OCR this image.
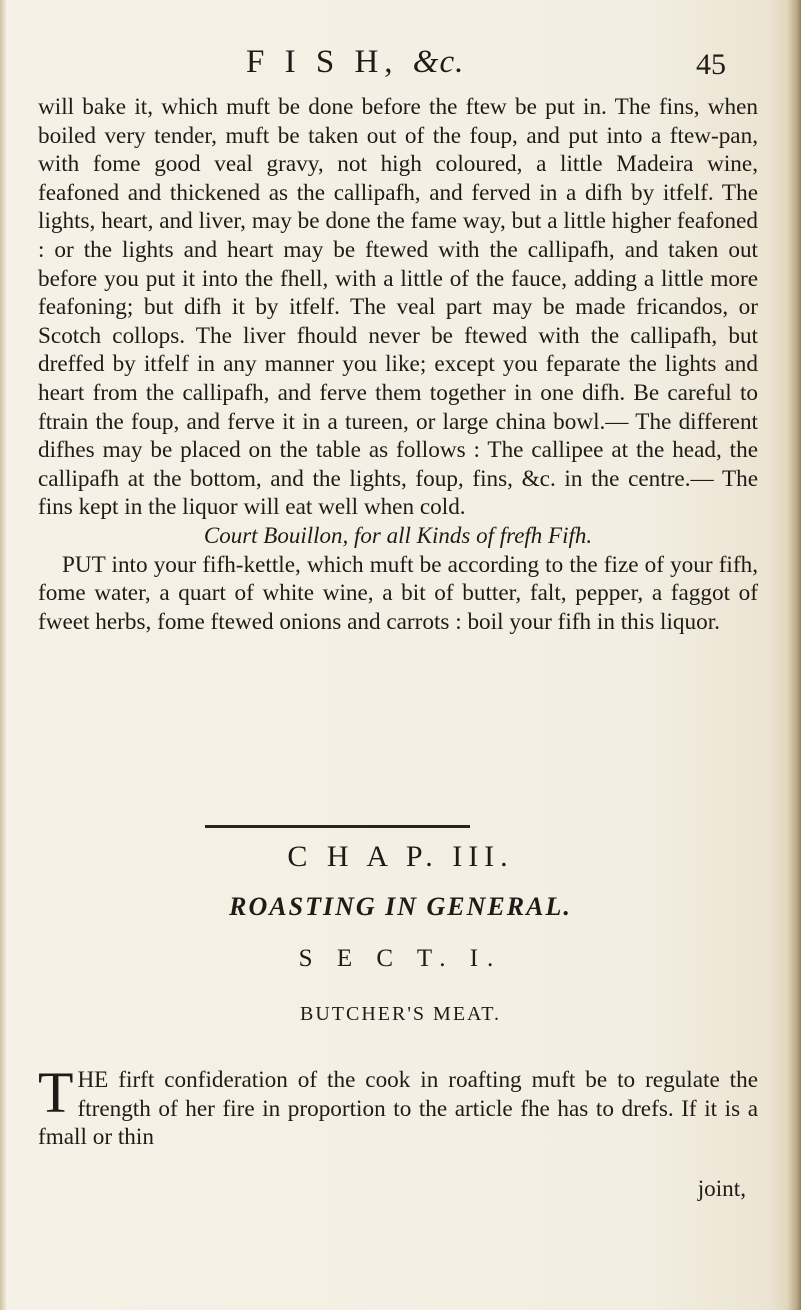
F I S H, &c.	45

will bake it, which muft be done before the ftew be put in. The fins, when boiled very tender, muft be taken out of the foup, and put into a ftew-pan, with fome good veal gravy, not high coloured, a little Madeira wine, feafoned and thickened as the callipafh, and ferved in a difh by itfelf. The lights, heart, and liver, may be done the fame way, but a little higher feafoned : or the lights and heart may be ftewed with the callipafh, and taken out before you put it into the fhell, with a little of the fauce, adding a little more feafoning; but difh it by itfelf. The veal part may be made fricandos, or Scotch collops. The liver fhould never be ftewed with the callipafh, but dreffed by itfelf in any manner you like; except you feparate the lights and heart from the callipafh, and ferve them together in one difh. Be careful to ftrain the foup, and ferve it in a tureen, or large china bowl.— The different difhes may be placed on the table as follows : The callipee at the head, the callipafh at the bottom, and the lights, foup, fins, &c. in the centre.— The fins kept in the liquor will eat well when cold.

Court Bouillon, for all Kinds of frefh Fifh.

PUT into your fifh-kettle, which muft be according to the fize of your fifh, fome water, a quart of white wine, a bit of butter, falt, pepper, a faggot of fweet herbs, fome ftewed onions and carrots : boil your fifh in this liquor.

C H A P. III.
ROASTING IN GENERAL.
S E C T. I.
BUTCHER'S MEAT.

THE firft confideration of the cook in roafting muft be to regulate the ftrength of her fire in proportion to the article fhe has to drefs. If it is a fmall or thin

joint,
